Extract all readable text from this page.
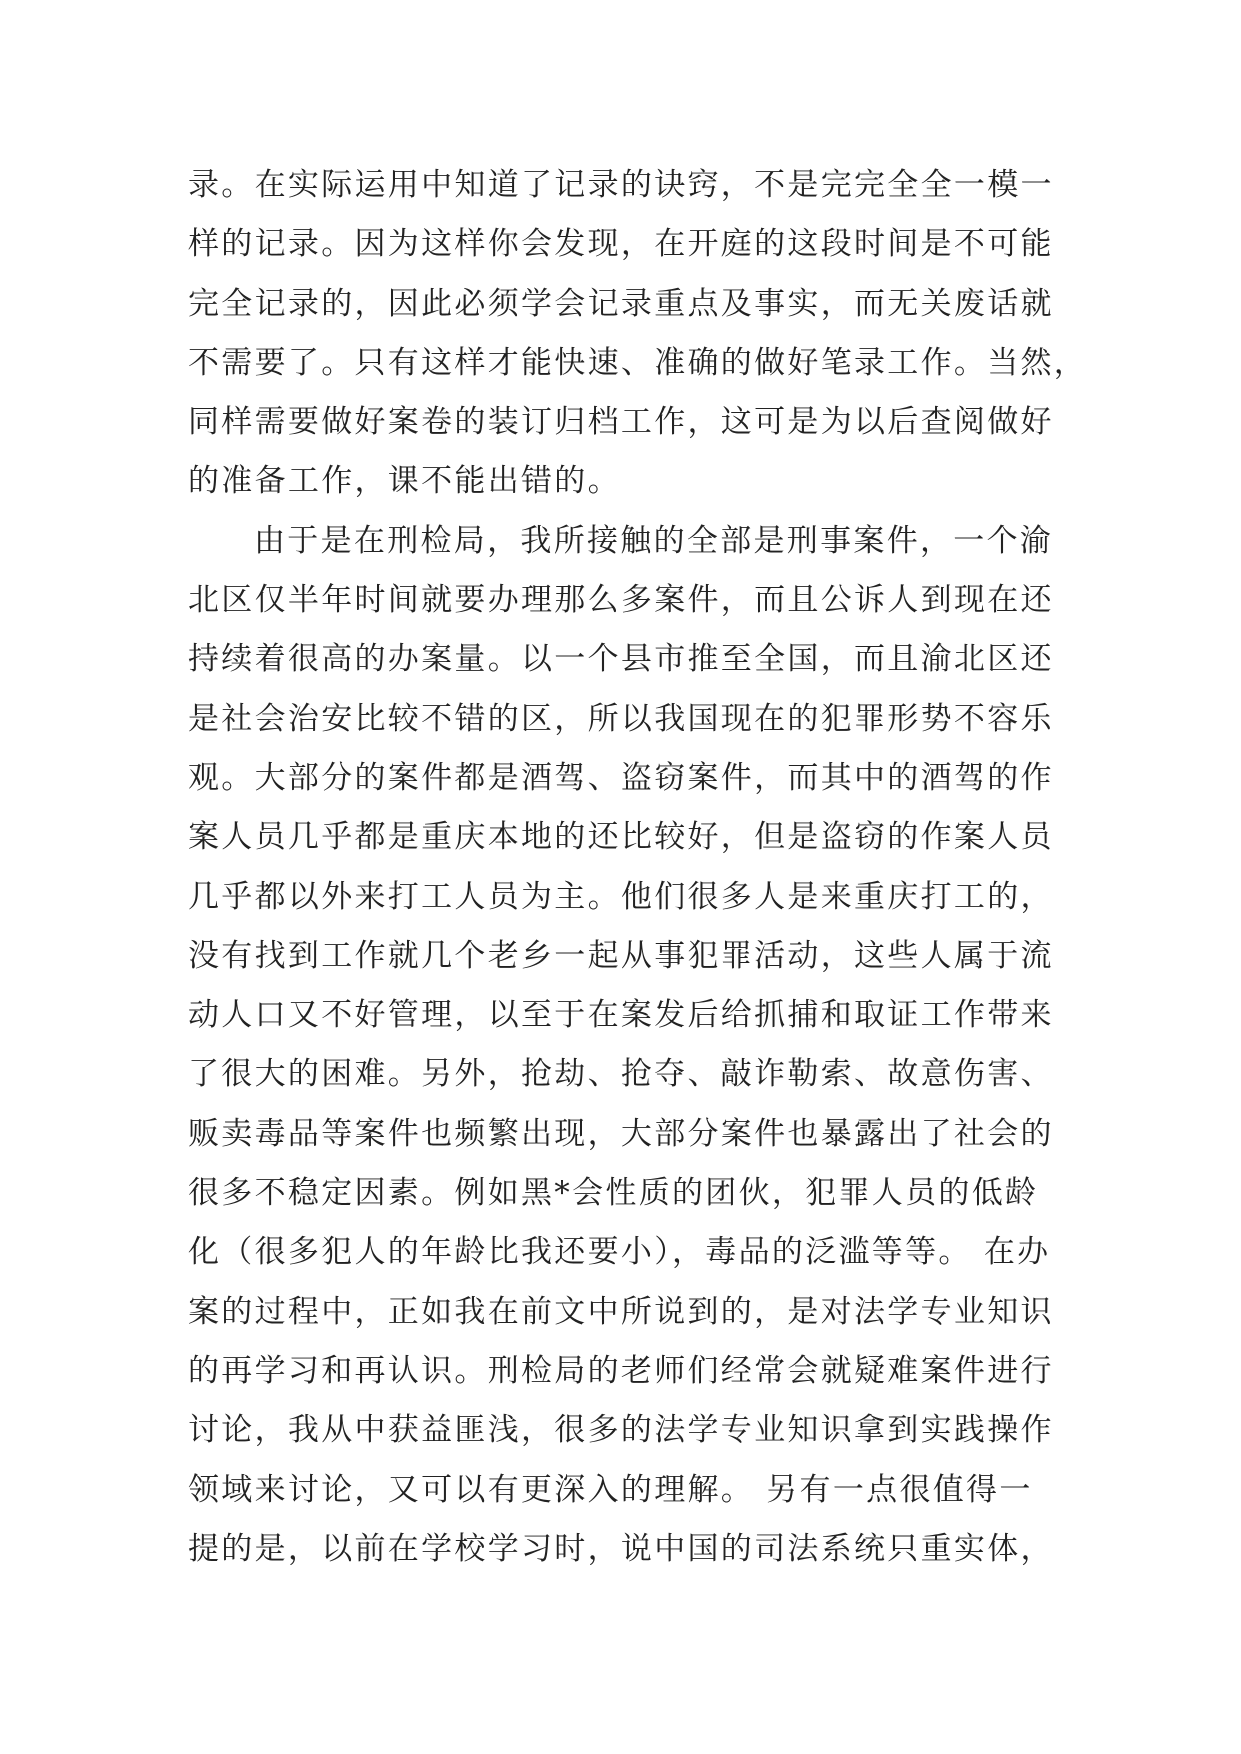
录。在实际运用中知道了记录的诀窍，不是完完全全一模一
样的记录。因为这样你会发现，在开庭的这段时间是不可能
完全记录的，因此必须学会记录重点及事实，而无关废话就
不需要了。只有这样才能快速、准确的做好笔录工作。当然，
同样需要做好案卷的装订归档工作，这可是为以后查阅做好
的准备工作，课不能出错的。
由于是在刑检局，我所接触的全部是刑事案件，一个渝
北区仅半年时间就要办理那么多案件，而且公诉人到现在还
持续着很高的办案量。以一个县市推至全国，而且渝北区还
是社会治安比较不错的区，所以我国现在的犯罪形势不容乐
观。大部分的案件都是酒驾、盗窃案件，而其中的酒驾的作
案人员几乎都是重庆本地的还比较好，但是盗窃的作案人员
几乎都以外来打工人员为主。他们很多人是来重庆打工的，
没有找到工作就几个老乡一起从事犯罪活动，这些人属于流
动人口又不好管理，以至于在案发后给抓捕和取证工作带来
了很大的困难。另外，抢劫、抢夺、敲诈勒索、故意伤害、
贩卖毒品等案件也频繁出现，大部分案件也暴露出了社会的
很多不稳定因素。例如黑*会性质的团伙，犯罪人员的低龄
化（很多犯人的年龄比我还要小），毒品的泛滥等等。 在办
案的过程中，正如我在前文中所说到的，是对法学专业知识
的再学习和再认识。刑检局的老师们经常会就疑难案件进行
讨论，我从中获益匪浅，很多的法学专业知识拿到实践操作
领域来讨论，又可以有更深入的理解。 另有一点很值得一
提的是，以前在学校学习时，说中国的司法系统只重实体，
